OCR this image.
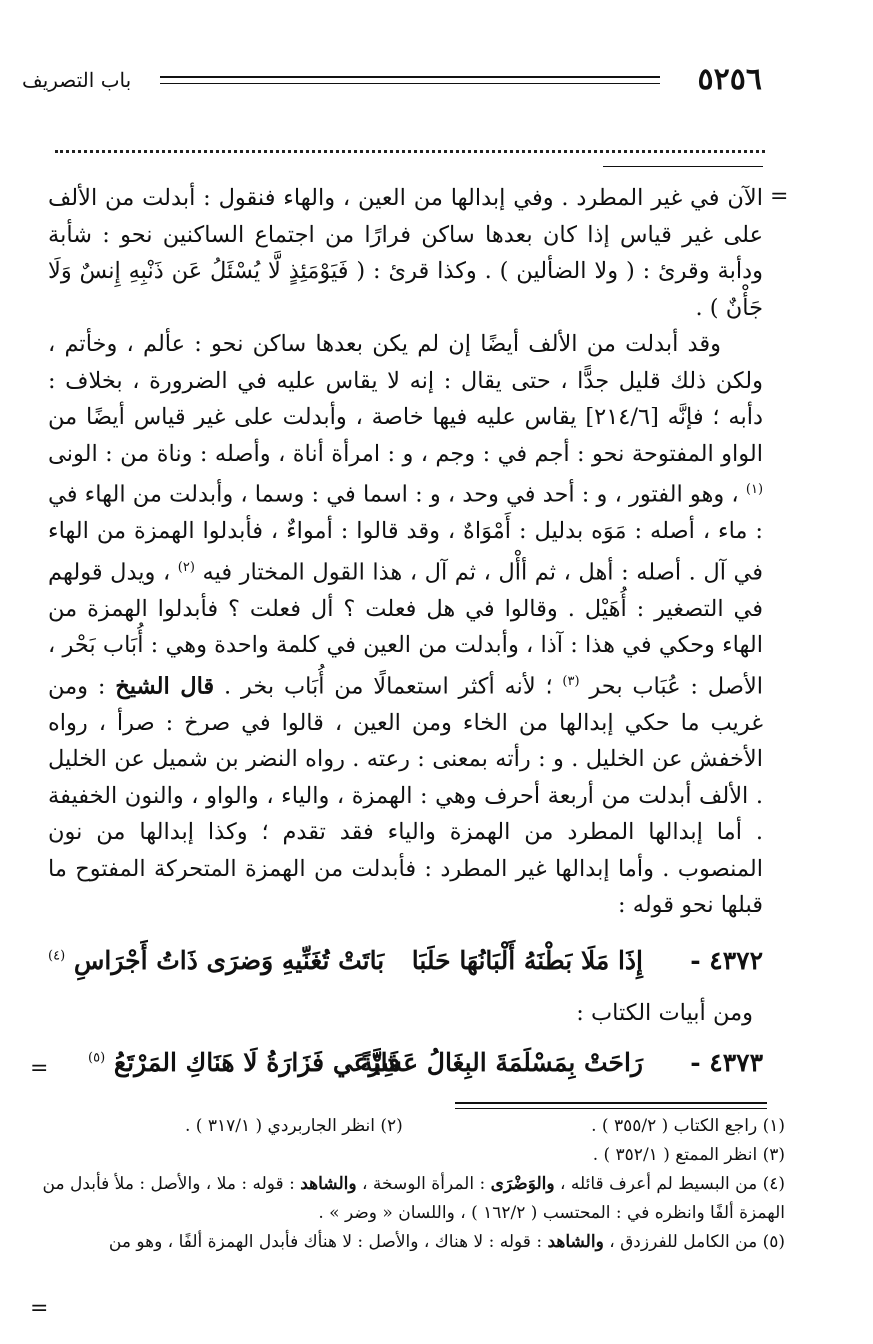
٥٢٥٦
باب التصريف
=

الآن في غير المطرد . وفي إبدالها من العين ، والهاء فنقول : أبدلت من الألف على غير قياس إذا كان بعدها ساكن فرارًا من اجتماع الساكنين نحو : شأبة ودأبة وقرئ : ( ولا الضألين ) . وكذا قرئ : ( فَيَوْمَئِذٍ لَّا يُسْئَلُ عَن ذَنْبِهِ إِنسٌ وَلَا جَأْنٌ ) .

وقد أبدلت من الألف أيضًا إن لم يكن بعدها ساكن نحو : عألم ، وخأتم ، ولكن ذلك قليل جدًّا ، حتى يقال : إنه لا يقاس عليه في الضرورة ، بخلاف : دأبه ؛ فإنَّه [٢١٤/٦] يقاس عليه فيها خاصة ، وأبدلت على غير قياس أيضًا من الواو المفتوحة نحو : أجم في : وجم ، و : امرأة أناة ، وأصله : وناة من : الونى $^{(١)}$ ، وهو الفتور ، و : أحد في وحد ، و : اسما في : وسما ، وأبدلت من الهاء في : ماء ، أصله : مَوَه بدليل : أَمْوَاهٌ ، وقد قالوا : أمواءٌ ، فأبدلوا الهمزة من الهاء في آل . أصله : أهل ، ثم أأْل ، ثم آل ، هذا القول المختار فيه $^{(٢)}$ ، ويدل قولهم في التصغير : أُهَيْل . وقالوا في هل فعلت ؟ أل فعلت ؟ فأبدلوا الهمزة من الهاء وحكي في هذا : آذا ، وأبدلت من العين في كلمة واحدة وهي : أُبَاب بَحْر ، الأصل : عُبَاب بحر $^{(٣)}$ ؛ لأنه أكثر استعمالًا من أُبَاب بخر . قال الشيخ : ومن غريب ما حكي إبدالها من الخاء ومن العين ، قالوا في صرخ : صرأ ، رواه الأخفش عن الخليل . و : رأته بمعنى : رعته . رواه النضر بن شميل عن الخليل . الألف أبدلت من أربعة أحرف وهي : الهمزة ، والياء ، والواو ، والنون الخفيفة . أما إبدالها المطرد من الهمزة والياء فقد تقدم ؛ وكذا إبدالها من نون المنصوب . وأما إبدالها غير المطرد : فأبدلت من الهمزة المتحركة المفتوح ما قبلها نحو قوله :

٤٣٧٢ -
إِذَا مَلَا بَطْنَهُ أَلْبَانُهَا حَلَبَا
بَاتَتْ تُغَنِّيهِ وَضرَى ذَاتُ أَجْرَاسِ $^{(٤)}$
ومن أبيات الكتاب :
٤٣٧٣ -
رَاحَتْ بِمَسْلَمَةَ البِغَالُ عَشِيَّةً
فَارْعَي فَزَارَةُ لَا هَنَاكِ المَرْتَعُ $^{(٥)}$
=
(١) راجع الكتاب ( ٣٥٥/٢ ) .
(٢) انظر الجاربردي ( ٣١٧/١ ) .

(٣) انظر الممتع ( ٣٥٢/١ ) .

(٤) من البسيط لم أعرف قائله ، والوَضْرَى : المرأة الوسخة ، والشاهد : قوله : ملا ، والأصل : ملأ فأبدل من الهمزة ألفًا وانظره في : المحتسب ( ١٦٢/٢ ) ، واللسان « وضر » .

(٥) من الكامل للفرزدق ، والشاهد : قوله : لا هناك ، والأصل : لا هنأك فأبدل الهمزة ألفًا ، وهو من

=
